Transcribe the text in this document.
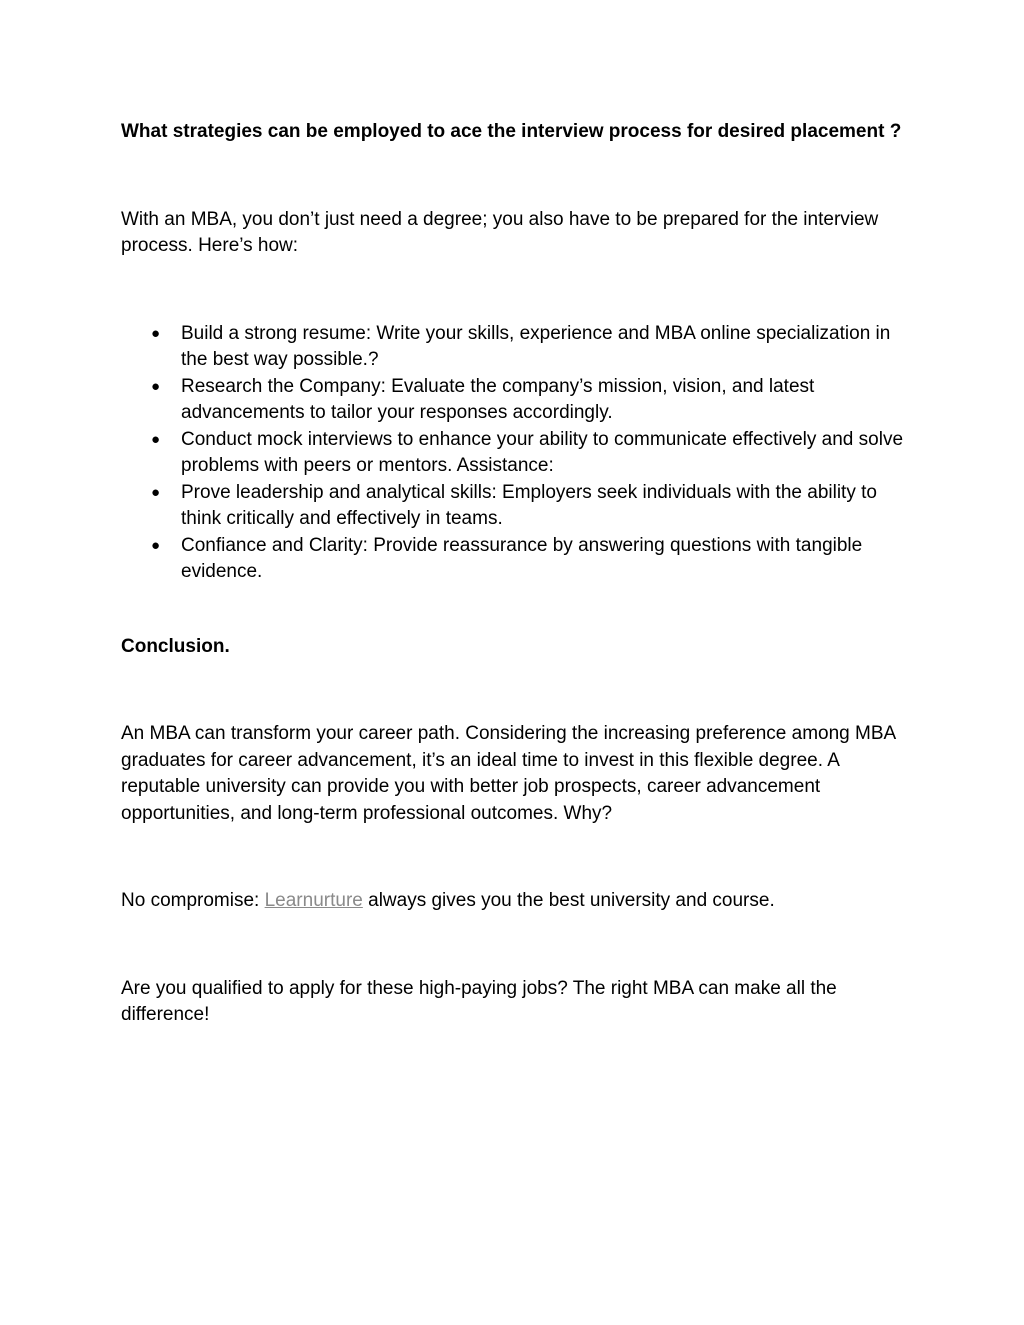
What strategies can be employed to ace the interview process for desired placement ?

With an MBA, you don’t just need a degree; you also have to be prepared for the interview process. Here’s how:

● Build a strong resume: Write your skills, experience and MBA online specialization in the best way possible.?
● Research the Company: Evaluate the company’s mission, vision, and latest advancements to tailor your responses accordingly.
● Conduct mock interviews to enhance your ability to communicate effectively and solve problems with peers or mentors. Assistance:
● Prove leadership and analytical skills: Employers seek individuals with the ability to think critically and effectively in teams.
● Confiance and Clarity: Provide reassurance by answering questions with tangible evidence.
Conclusion.

An MBA can transform your career path. Considering the increasing preference among MBA graduates for career advancement, it’s an ideal time to invest in this flexible degree. A reputable university can provide you with better job prospects, career advancement opportunities, and long-term professional outcomes. Why?

No compromise: Learnurture always gives you the best university and course.

Are you qualified to apply for these high-paying jobs? The right MBA can make all the difference!
